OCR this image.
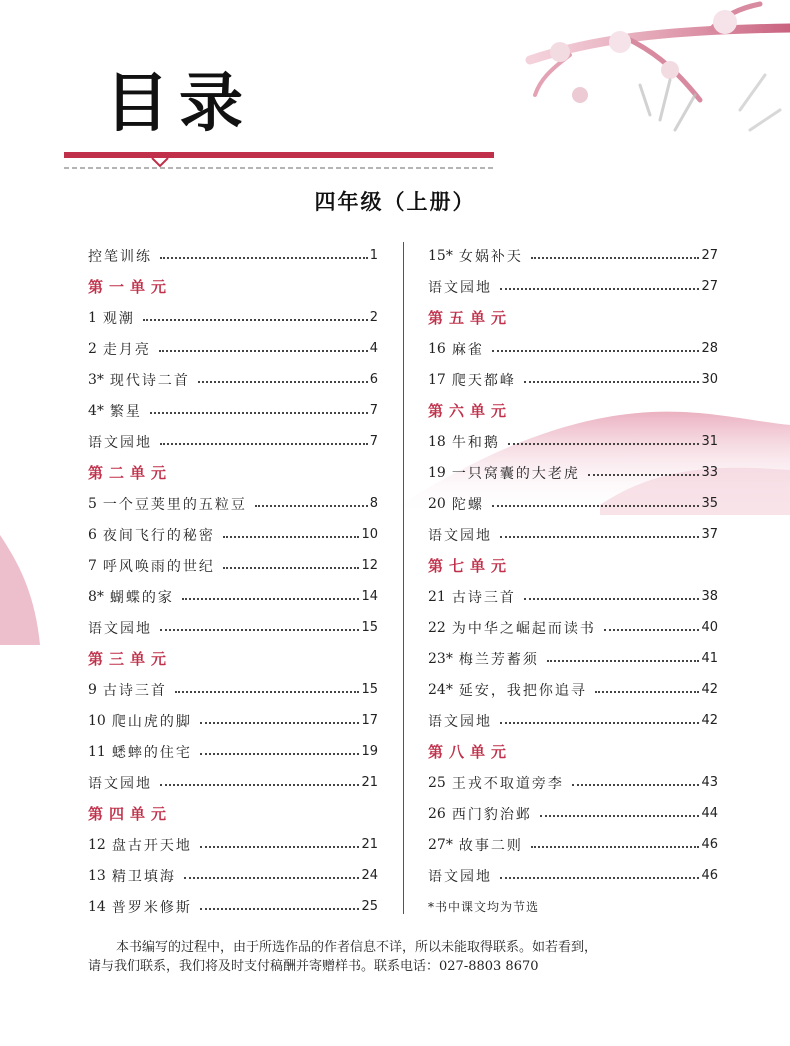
目录
四年级（上册）
控笔训练	1
第一单元
1 观潮	2
2 走月亮	4
3* 现代诗二首	6
4* 繁星	7
语文园地	7
第二单元
5 一个豆荚里的五粒豆	8
6 夜间飞行的秘密	10
7 呼风唤雨的世纪	12
8* 蝴蝶的家	14
语文园地	15
第三单元
9 古诗三首	15
10 爬山虎的脚	17
11 蟋蟀的住宅	19
语文园地	21
第四单元
12 盘古开天地	21
13 精卫填海	24
14 普罗米修斯	25
15* 女娲补天	27
语文园地	27
第五单元
16 麻雀	28
17 爬天都峰	30
第六单元
18 牛和鹅	31
19 一只窝囊的大老虎	33
20 陀螺	35
语文园地	37
第七单元
21 古诗三首	38
22 为中华之崛起而读书	40
23* 梅兰芳蓄须	41
24* 延安，我把你追寻	42
语文园地	42
第八单元
25 王戎不取道旁李	43
26 西门豹治邺	44
27* 故事二则	46
语文园地	46
*书中课文均为节选

本书编写的过程中，由于所选作品的作者信息不详，所以未能取得联系。如若看到，

请与我们联系，我们将及时支付稿酬并寄赠样书。联系电话：027-8803 8670
